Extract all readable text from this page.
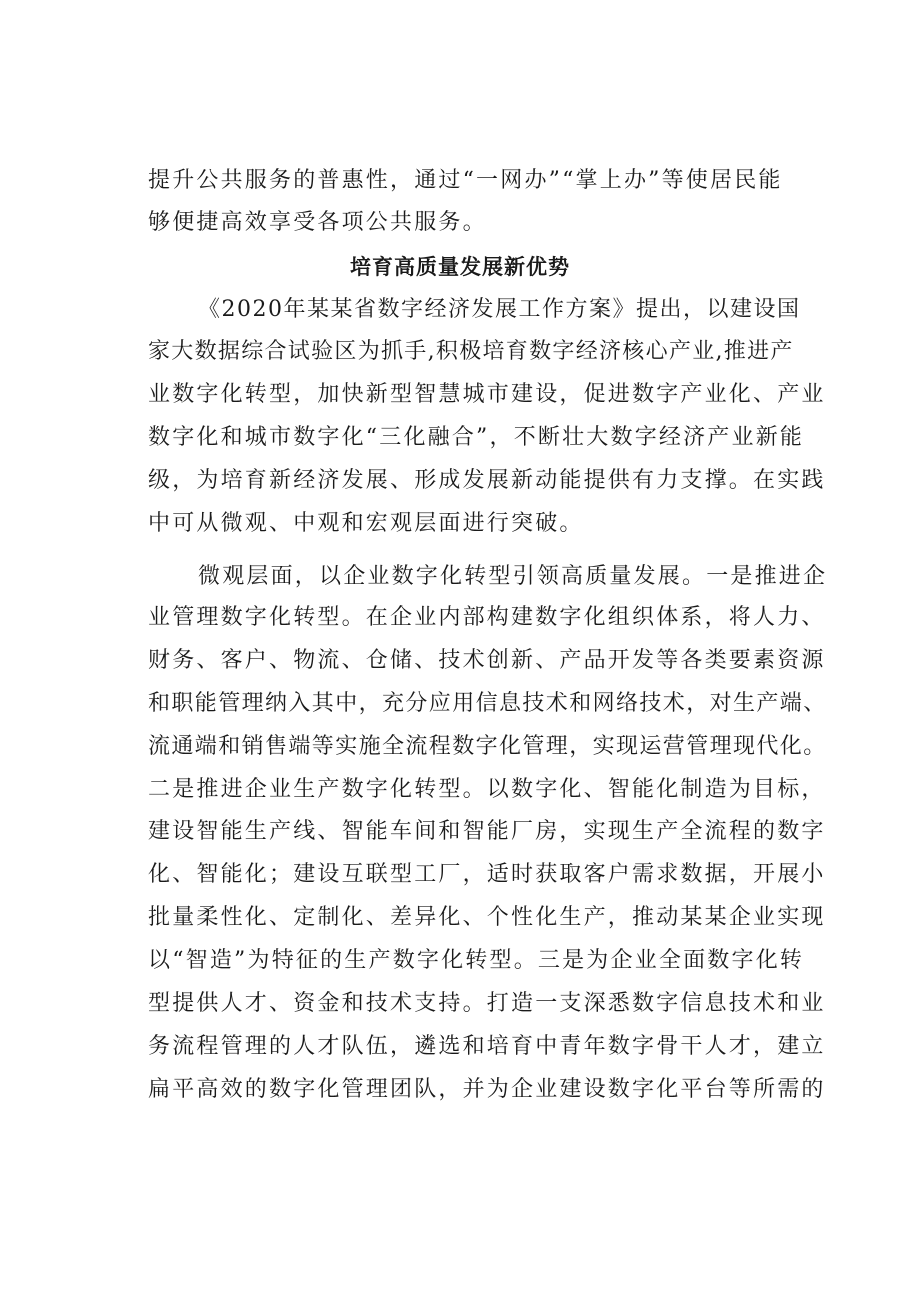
提升公共服务的普惠性，通过“一网办”“掌上办”等使居民能
够便捷高效享受各项公共服务。
培育高质量发展新优势
《2020年某某省数字经济发展工作方案》提出，以建设国
家大数据综合试验区为抓手,积极培育数字经济核心产业,推进产
业数字化转型，加快新型智慧城市建设，促进数字产业化、产业
数字化和城市数字化“三化融合”，不断壮大数字经济产业新能
级，为培育新经济发展、形成发展新动能提供有力支撑。在实践
中可从微观、中观和宏观层面进行突破。
微观层面，以企业数字化转型引领高质量发展。一是推进企
业管理数字化转型。在企业内部构建数字化组织体系，将人力、
财务、客户、物流、仓储、技术创新、产品开发等各类要素资源
和职能管理纳入其中，充分应用信息技术和网络技术，对生产端、
流通端和销售端等实施全流程数字化管理，实现运营管理现代化。
二是推进企业生产数字化转型。以数字化、智能化制造为目标，
建设智能生产线、智能车间和智能厂房，实现生产全流程的数字
化、智能化；建设互联型工厂，适时获取客户需求数据，开展小
批量柔性化、定制化、差异化、个性化生产，推动某某企业实现
以“智造”为特征的生产数字化转型。三是为企业全面数字化转
型提供人才、资金和技术支持。打造一支深悉数字信息技术和业
务流程管理的人才队伍，遴选和培育中青年数字骨干人才，建立
扁平高效的数字化管理团队，并为企业建设数字化平台等所需的
